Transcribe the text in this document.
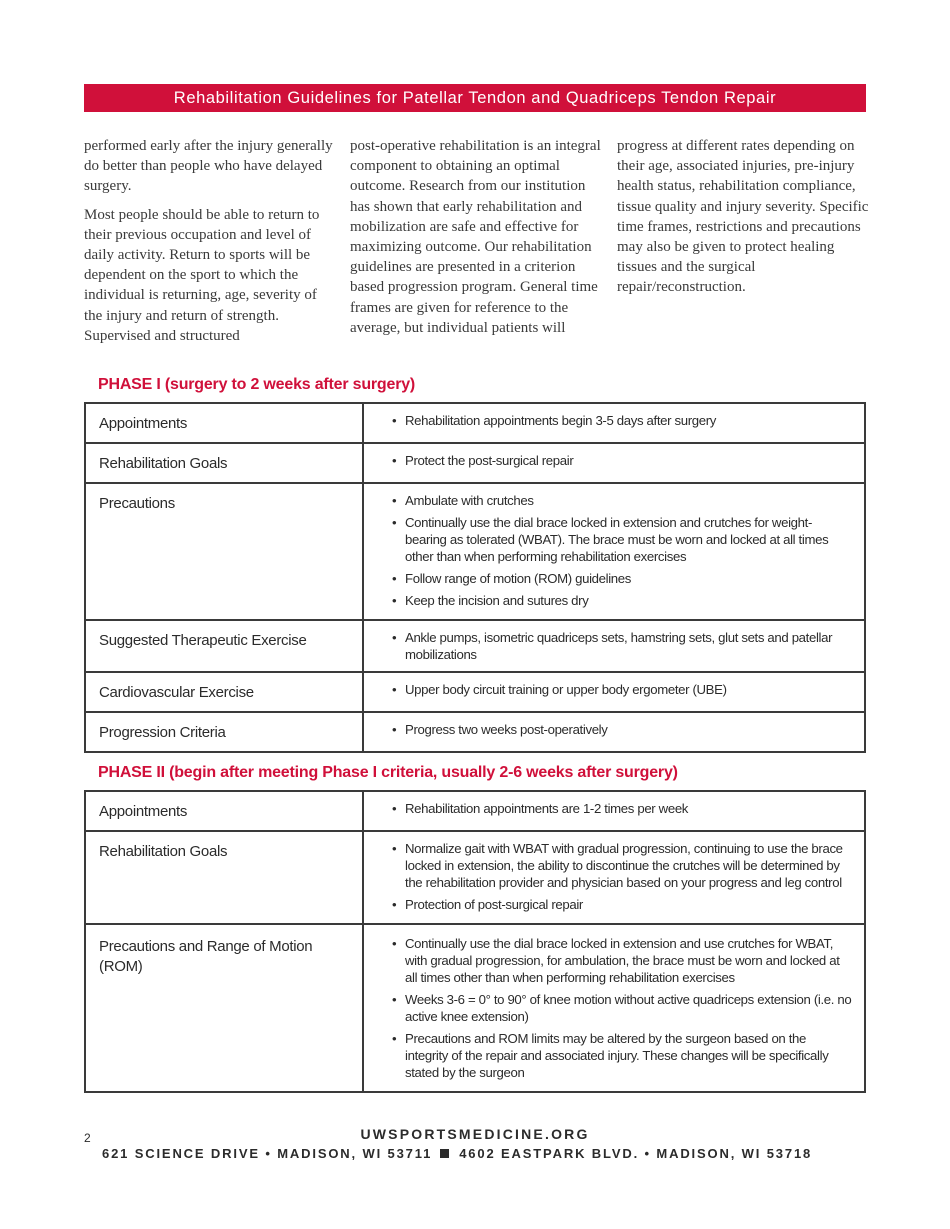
Rehabilitation Guidelines for Patellar Tendon and Quadriceps Tendon Repair

performed early after the injury generally do better than people who have delayed surgery.

Most people should be able to return to their previous occupation and level of daily activity. Return to sports will be dependent on the sport to which the individual is returning, age, severity of the injury and return of strength. Supervised and structured

post-operative rehabilitation is an integral component to obtaining an optimal outcome. Research from our institution has shown that early rehabilitation and mobilization are safe and effective for maximizing outcome. Our rehabilitation guidelines are presented in a criterion based progression program. General time frames are given for reference to the average, but individual patients will

progress at different rates depending on their age, associated injuries, pre-injury health status, rehabilitation compliance, tissue quality and injury severity. Specific time frames, restrictions and precautions may also be given to protect healing tissues and the surgical repair/reconstruction.

PHASE I (surgery to 2 weeks after surgery)
Appointments	
•Rehabilitation appointments begin 3-5 days after surgery

Rehabilitation Goals	
•Protect the post-surgical repair

Precautions	
•Ambulate with crutches
• Continually use the dial brace locked in extension and crutches for weight-bearing as tolerated (WBAT). The brace must be worn and locked at all times other than when performing rehabilitation exercises
• Follow range of motion (ROM) guidelines
• Keep the incision and sutures dry

Suggested Therapeutic Exercise	
•Ankle pumps, isometric quadriceps sets, hamstring sets, glut sets and patellar mobilizations

Cardiovascular Exercise	
•Upper body circuit training or upper body ergometer (UBE)

Progression Criteria	
•Progress two weeks post-operatively
PHASE II (begin after meeting Phase I criteria, usually 2-6 weeks after surgery)
Appointments	
•Rehabilitation appointments are 1-2 times per week

Rehabilitation Goals	
•Normalize gait with WBAT with gradual progression, continuing to use the brace locked in extension, the ability to discontinue the crutches will be determined by the rehabilitation provider and physician based on your progress and leg control
• Protection of post-surgical repair

Precautions and Range of Motion (ROM)	
• Continually use the dial brace locked in extension and use crutches for WBAT, with gradual progression, for ambulation, the brace must be worn and locked at all times other than when performing rehabilitation exercises
• Weeks 3-6 = 0° to 90° of knee motion without active quadriceps extension (i.e. no active knee extension)
• Precautions and ROM limits may be altered by the surgeon based on the integrity of the repair and associated injury. These changes will be specifically stated by the surgeon
2	UWSPORTSMEDICINE.ORG
621 SCIENCE DRIVE • MADISON, WI 53711 4602 EASTPARK BLVD. • MADISON, WI 53718
